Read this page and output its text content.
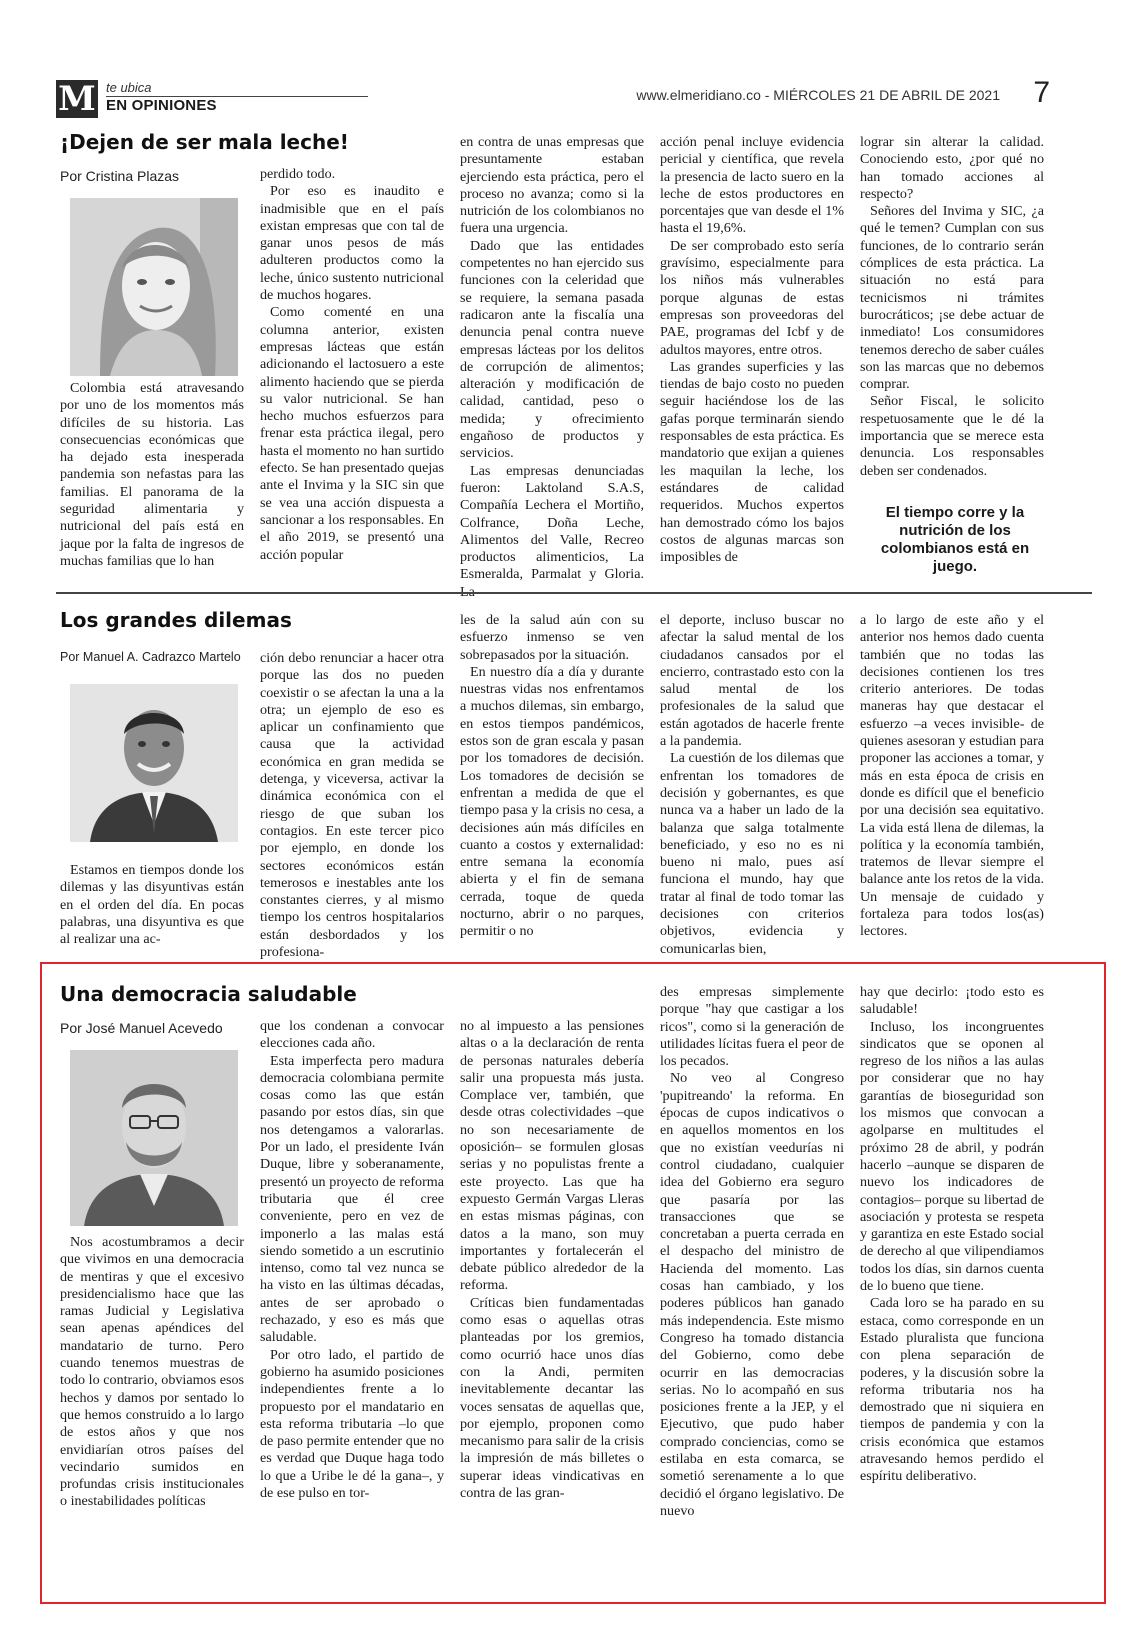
M te ubica
EN OPINIONES
www.elmeridiano.co - MIÉRCOLES 21 DE ABRIL DE 2021 7
¡Dejen de ser mala leche!
Por Cristina Plazas

Colombia está atravesando por uno de los momentos más difíciles de su historia. Las consecuencias económicas que ha dejado esta inesperada pandemia son nefastas para las familias. El panorama de la seguridad alimentaria y nutricional del país está en jaque por la falta de ingresos de muchas familias que lo han

perdido todo.

Por eso es inaudito e inadmisible que en el país existan empresas que con tal de ganar unos pesos de más adulteren productos como la leche, único sustento nutricional de muchos hogares.

Como comenté en una columna anterior, existen empresas lácteas que están adicionando el lactosuero a este alimento haciendo que se pierda su valor nutricional. Se han hecho muchos esfuerzos para frenar esta práctica ilegal, pero hasta el momento no han surtido efecto. Se han presentado quejas ante el Invima y la SIC sin que se vea una acción dispuesta a sancionar a los responsables. En el año 2019, se presentó una acción popular

en contra de unas empresas que presuntamente estaban ejerciendo esta práctica, pero el proceso no avanza; como si la nutrición de los colombianos no fuera una urgencia.

Dado que las entidades competentes no han ejercido sus funciones con la celeridad que se requiere, la semana pasada radicaron ante la fiscalía una denuncia penal contra nueve empresas lácteas por los delitos de corrupción de alimentos; alteración y modificación de calidad, cantidad, peso o medida; y ofrecimiento engañoso de productos y servicios.

Las empresas denunciadas fueron: Laktoland S.A.S, Compañía Lechera el Mortiño, Colfrance, Doña Leche, Alimentos del Valle, Recreo productos alimenticios, La Esmeralda, Parmalat y Gloria.

acción penal incluye evidencia pericial y científica, que revela la presencia de lacto suero en la leche de estos productores en porcentajes que van desde el 1% hasta el 19,6%.

De ser comprobado esto sería gravísimo, especialmente para los niños más vulnerables porque algunas de estas empresas son proveedoras del PAE, programas del Icbf y de adultos mayores, entre otros.

Las grandes superficies y las tiendas de bajo costo no pueden seguir haciéndose los de las gafas porque terminarán siendo responsables de esta práctica. Es mandatorio que exijan a quienes les maquilan la leche, los estándares de calidad requeridos. Muchos expertos han demostrado cómo los bajos costos de algunas marcas son imposibles de

lograr sin alterar la calidad. Conociendo esto, ¿por qué no han tomado acciones al respecto?

Señores del Invima y SIC, ¿a qué le temen? Cumplan con sus funciones, de lo contrario serán cómplices de esta práctica. La situación no está para tecnicismos ni trámites burocráticos; ¡se debe actuar de inmediato! Los consumidores tenemos derecho de saber cuáles son las marcas que no debemos comprar.

Señor Fiscal, le solicito respetuosamente que le dé la importancia que se merece esta denuncia. Los responsables deben ser condenados.

El tiempo corre y la nutrición de los colombianos está en juego.
Los grandes dilemas
Por Manuel A. Cadrazco Martelo

Estamos en tiempos donde los dilemas y las disyuntivas están en el orden del día. En pocas palabras, una disyuntiva es que al realizar una ac-

ción debo renunciar a hacer otra porque las dos no pueden coexistir o se afectan la una a la otra; un ejemplo de eso es aplicar un confinamiento que causa que la actividad económica en gran medida se detenga, y viceversa, activar la dinámica económica con el riesgo de que suban los contagios. En este tercer pico por ejemplo, en donde los sectores económicos están temerosos e inestables ante los constantes cierres, y al mismo tiempo los centros hospitalarios están desbordados y los profesiona-

les de la salud aún con su esfuerzo inmenso se ven sobrepasados por la situación.

En nuestro día a día y durante nuestras vidas nos enfrentamos a muchos dilemas, sin embargo, en estos tiempos pandémicos, estos son de gran escala y pasan por los tomadores de decisión. Los tomadores de decisión se enfrentan a medida de que el tiempo pasa y la crisis no cesa, a decisiones aún más difíciles en cuanto a costos y externalidad: entre semana la economía abierta y el fin de semana cerrada, toque de queda nocturno, abrir o no parques, permitir o no

el deporte, incluso buscar no afectar la salud mental de los ciudadanos cansados por el encierro, contrastado esto con la salud mental de los profesionales de la salud que están agotados de hacerle frente a la pandemia.

La cuestión de los dilemas que enfrentan los tomadores de decisión y gobernantes, es que nunca va a haber un lado de la balanza que salga totalmente beneficiado, y eso no es ni bueno ni malo, pues así funciona el mundo, hay que tratar al final de todo tomar las decisiones con criterios objetivos, evidencia y comunicarlas bien,

a lo largo de este año y el anterior nos hemos dado cuenta también que no todas las decisiones contienen los tres criterio anteriores. De todas maneras hay que destacar el esfuerzo –a veces invisible- de quienes asesoran y estudian para proponer las acciones a tomar, y más en esta época de crisis en donde es difícil que el beneficio por una decisión sea equitativo. La vida está llena de dilemas, la política y la economía también, tratemos de llevar siempre el balance ante los retos de la vida. Un mensaje de cuidado y fortaleza para todos los(as) lectores.

Una democracia saludable
Por José Manuel Acevedo

Nos acostumbramos a decir que vivimos en una democracia de mentiras y que el excesivo presidencialismo hace que las ramas Judicial y Legislativa sean apenas apéndices del mandatario de turno. Pero cuando tenemos muestras de todo lo contrario, obviamos esos hechos y damos por sentado lo que hemos construido a lo largo de estos años y que nos envidiarían otros países del vecindario sumidos en profundas crisis institucionales o inestabilidades políticas

que los condenan a convocar elecciones cada año.

Esta imperfecta pero madura democracia colombiana permite cosas como las que están pasando por estos días, sin que nos detengamos a valorarlas. Por un lado, el presidente Iván Duque, libre y soberanamente, presentó un proyecto de reforma tributaria que él cree conveniente, pero en vez de imponerlo a las malas está siendo sometido a un escrutinio intenso, como tal vez nunca se ha visto en las últimas décadas, antes de ser aprobado o rechazado, y eso es más que saludable.

Por otro lado, el partido de gobierno ha asumido posiciones independientes frente a lo propuesto por el mandatario en esta reforma tributaria –lo que de paso permite entender que no es verdad que Duque haga todo lo que a Uribe le dé la gana–, y de ese pulso en tor-

no al impuesto a las pensiones altas o a la declaración de renta de personas naturales debería salir una propuesta más justa. Complace ver, también, que desde otras colectividades –que no son necesariamente de oposición– se formulen glosas serias y no populistas frente a este proyecto. Las que ha expuesto Germán Vargas Lleras en estas mismas páginas, con datos a la mano, son muy importantes y fortalecerán el debate público alrededor de la reforma.

Críticas bien fundamentadas como esas o aquellas otras planteadas por los gremios, como ocurrió hace unos días con la Andi, permiten inevitablemente decantar las voces sensatas de aquellas que, por ejemplo, proponen como mecanismo para salir de la crisis la impresión de más billetes o superar ideas vindicativas en contra de las gran-

des empresas simplemente porque "hay que castigar a los ricos", como si la generación de utilidades lícitas fuera el peor de los pecados.

No veo al Congreso 'pupitreando' la reforma. En épocas de cupos indicativos o en aquellos momentos en los que no existían veedurías ni control ciudadano, cualquier idea del Gobierno era seguro que pasaría por las transacciones que se concretaban a puerta cerrada en el despacho del ministro de Hacienda del momento. Las cosas han cambiado, y los poderes públicos han ganado más independencia. Este mismo Congreso ha tomado distancia del Gobierno, como debe ocurrir en las democracias serias. No lo acompañó en sus posiciones frente a la JEP, y el Ejecutivo, que pudo haber comprado conciencias, como se estilaba en esta comarca, se sometió serenamente a lo que decidió el órgano legislativo. De nuevo

hay que decirlo: ¡todo esto es saludable!

Incluso, los incongruentes sindicatos que se oponen al regreso de los niños a las aulas por considerar que no hay garantías de bioseguridad son los mismos que convocan a agolparse en multitudes el próximo 28 de abril, y podrán hacerlo –aunque se disparen de nuevo los indicadores de contagios– porque su libertad de asociación y protesta se respeta y garantiza en este Estado social de derecho al que vilipendiamos todos los días, sin darnos cuenta de lo bueno que tiene.

Cada loro se ha parado en su estaca, como corresponde en un Estado pluralista que funciona con plena separación de poderes, y la discusión sobre la reforma tributaria nos ha demostrado que ni siquiera en tiempos de pandemia y con la crisis económica que estamos atravesando hemos perdido el espíritu deliberativo.
